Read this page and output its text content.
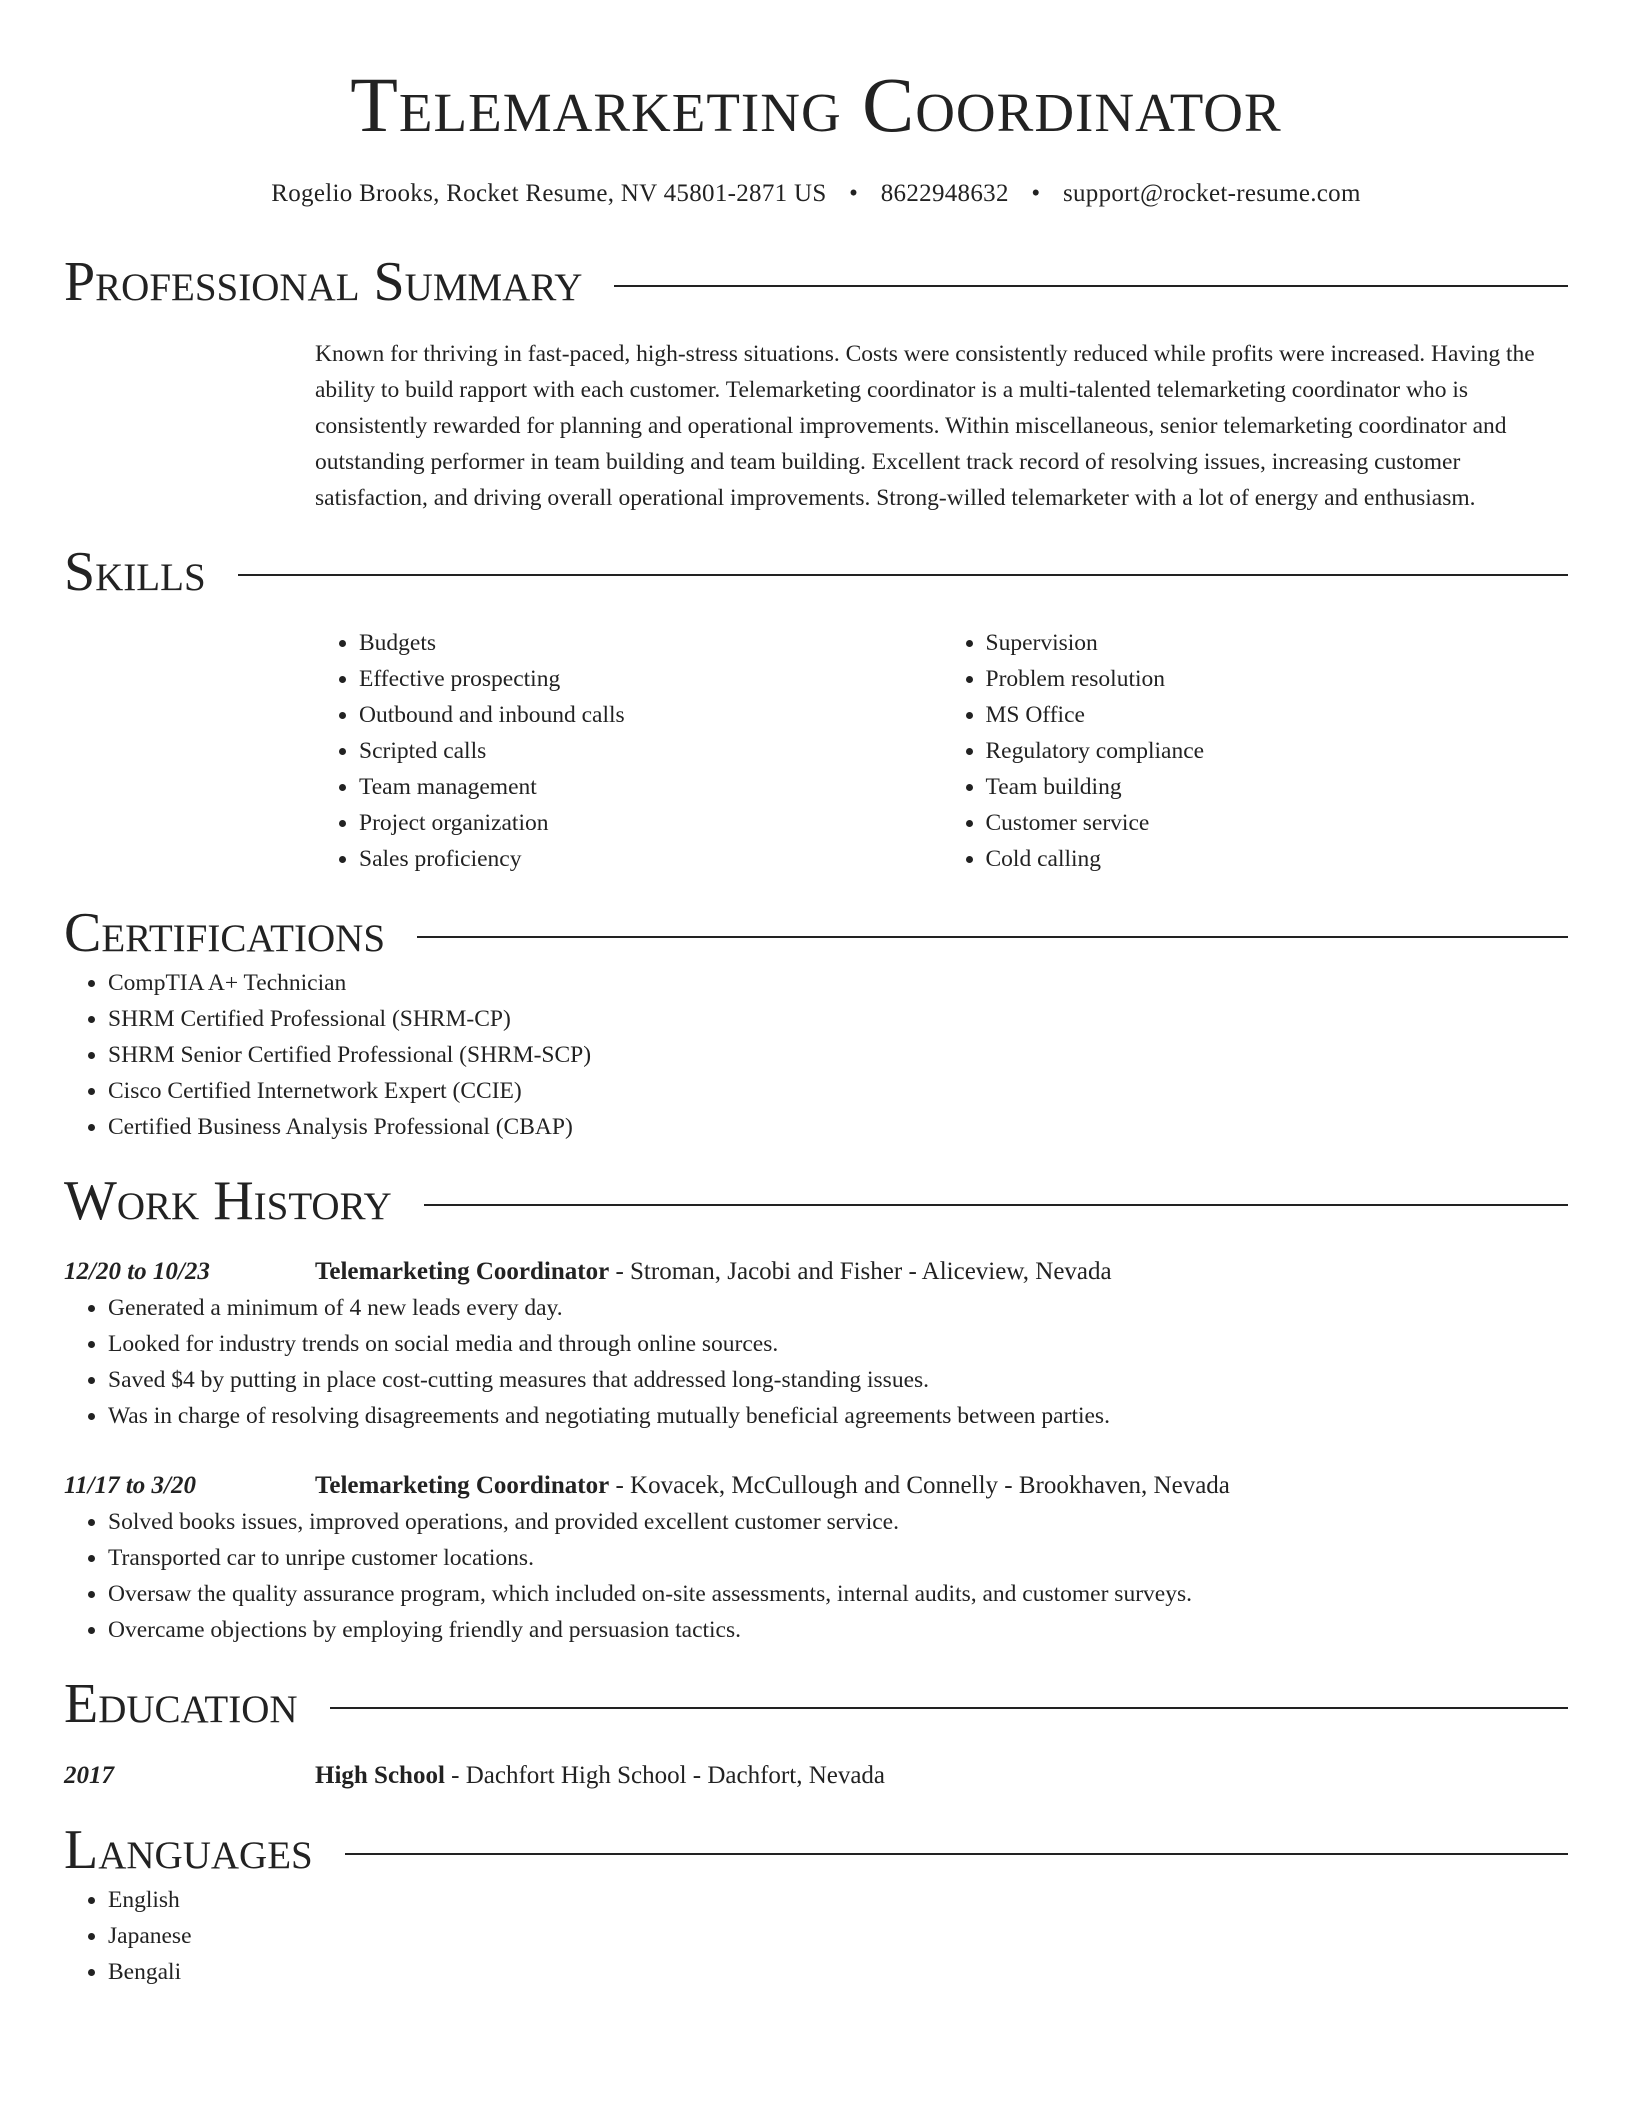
Telemarketing Coordinator
Rogelio Brooks, Rocket Resume, NV 45801-2871 US • 8622948632 • support@rocket-resume.com
Professional Summary
Known for thriving in fast-paced, high-stress situations. Costs were consistently reduced while profits were increased. Having the ability to build rapport with each customer. Telemarketing coordinator is a multi-talented telemarketing coordinator who is consistently rewarded for planning and operational improvements. Within miscellaneous, senior telemarketing coordinator and outstanding performer in team building and team building. Excellent track record of resolving issues, increasing customer satisfaction, and driving overall operational improvements. Strong-willed telemarketer with a lot of energy and enthusiasm.
Skills
• Budgets
• Effective prospecting
• Outbound and inbound calls
• Scripted calls
• Team management
• Project organization
• Sales proficiency
• Supervision
• Problem resolution
• MS Office
• Regulatory compliance
• Team building
• Customer service
• Cold calling
Certifications
• CompTIA A+ Technician
• SHRM Certified Professional (SHRM-CP)
• SHRM Senior Certified Professional (SHRM-SCP)
• Cisco Certified Internetwork Expert (CCIE)
• Certified Business Analysis Professional (CBAP)
Work History
12/20 to 10/23	Telemarketing Coordinator - Stroman, Jacobi and Fisher - Aliceview, Nevada
• Generated a minimum of 4 new leads every day.
• Looked for industry trends on social media and through online sources.
• Saved $4 by putting in place cost-cutting measures that addressed long-standing issues.
• Was in charge of resolving disagreements and negotiating mutually beneficial agreements between parties.
11/17 to 3/20	Telemarketing Coordinator - Kovacek, McCullough and Connelly - Brookhaven, Nevada
• Solved books issues, improved operations, and provided excellent customer service.
• Transported car to unripe customer locations.
• Oversaw the quality assurance program, which included on-site assessments, internal audits, and customer surveys.
• Overcame objections by employing friendly and persuasion tactics.
Education
2017	High School - Dachfort High School - Dachfort, Nevada
Languages
• English
• Japanese
• Bengali
